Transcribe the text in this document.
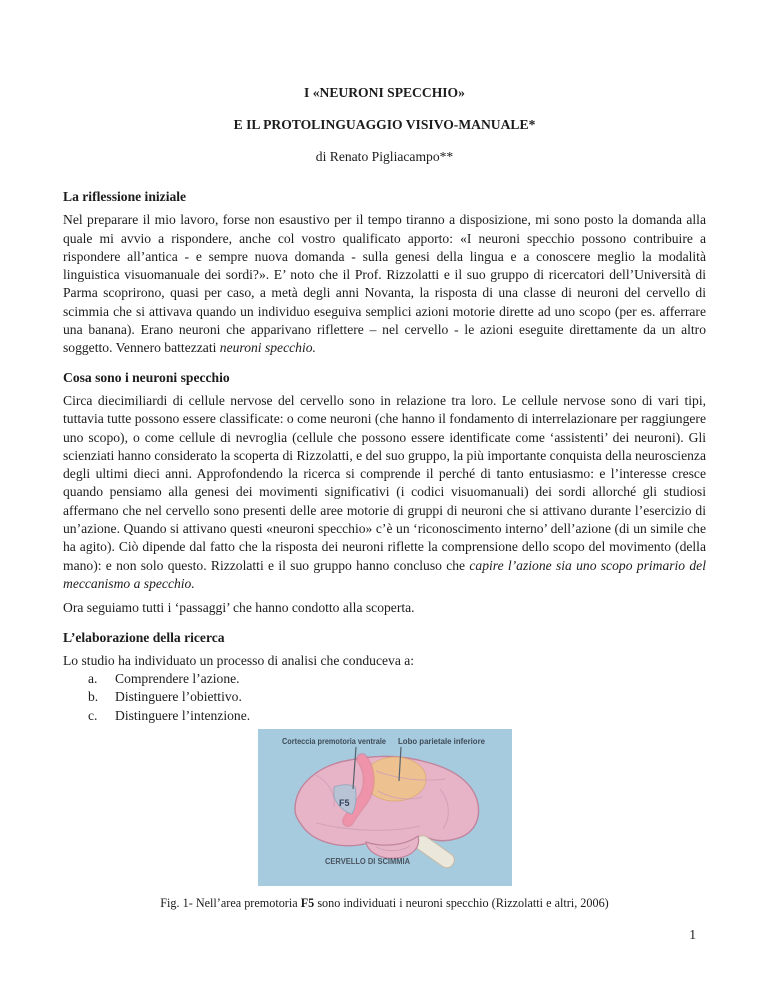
I «NEURONI SPECCHIO»

E IL PROTOLINGUAGGIO VISIVO-MANUALE*

di Renato Pigliacampo**

La riflessione iniziale

Nel preparare il mio lavoro, forse non esaustivo per il tempo tiranno a disposizione, mi sono posto la domanda alla quale mi avvio a rispondere, anche col vostro qualificato apporto: «I neuroni specchio possono contribuire a rispondere all’antica - e sempre nuova domanda - sulla genesi della lingua e a conoscere meglio la modalità linguistica visuomanuale dei sordi?». E’ noto che il Prof. Rizzolatti e il suo gruppo di ricercatori dell’Università di Parma scoprirono, quasi per caso, a metà degli anni Novanta, la risposta di una classe di neuroni del cervello di scimmia che si attivava quando un individuo eseguiva semplici azioni motorie dirette ad uno scopo (per es. afferrare una banana). Erano neuroni che apparivano riflettere – nel cervello - le azioni eseguite direttamente da un altro soggetto. Vennero battezzati neuroni specchio.

Cosa sono i neuroni specchio

Circa diecimiliardi di cellule nervose del cervello sono in relazione tra loro. Le cellule nervose sono di vari tipi, tuttavia tutte possono essere classificate: o come neuroni (che hanno il fondamento di interrelazionare per raggiungere uno scopo), o come cellule di nevroglia (cellule che possono essere identificate come ‘assistenti’ dei neuroni). Gli scienziati hanno considerato la scoperta di Rizzolatti, e del suo gruppo, la più importante conquista della neuroscienza degli ultimi dieci anni. Approfondendo la ricerca si comprende il perché di tanto entusiasmo: e l’interesse cresce quando pensiamo alla genesi dei movimenti significativi (i codici visuomanuali) dei sordi allorché gli studiosi affermano che nel cervello sono presenti delle aree motorie di gruppi di neuroni che si attivano durante l’esercizio di un’azione. Quando si attivano questi «neuroni specchio» c’è un ‘riconoscimento interno’ dell’azione (di un simile che ha agito). Ciò dipende dal fatto che la risposta dei neuroni riflette la comprensione dello scopo del movimento (della mano): e non solo questo. Rizzolatti e il suo gruppo hanno concluso che capire l’azione sia uno scopo primario del meccanismo a specchio.

Ora seguiamo tutti i ‘passaggi’ che hanno condotto alla scoperta.

L’elaborazione della ricerca

Lo studio ha individuato un processo di analisi che conduceva a:

a.	Comprendere l’azione.
b.	Distinguere l’obiettivo.
c.	Distinguere l’intenzione.
Corteccia premotoria ventrale Lobo parietale inferiore
F5
CERVELLO DI SCIMMIA

Fig. 1- Nell’area premotoria F5 sono individuati i neuroni specchio (Rizzolatti e altri, 2006)

1
